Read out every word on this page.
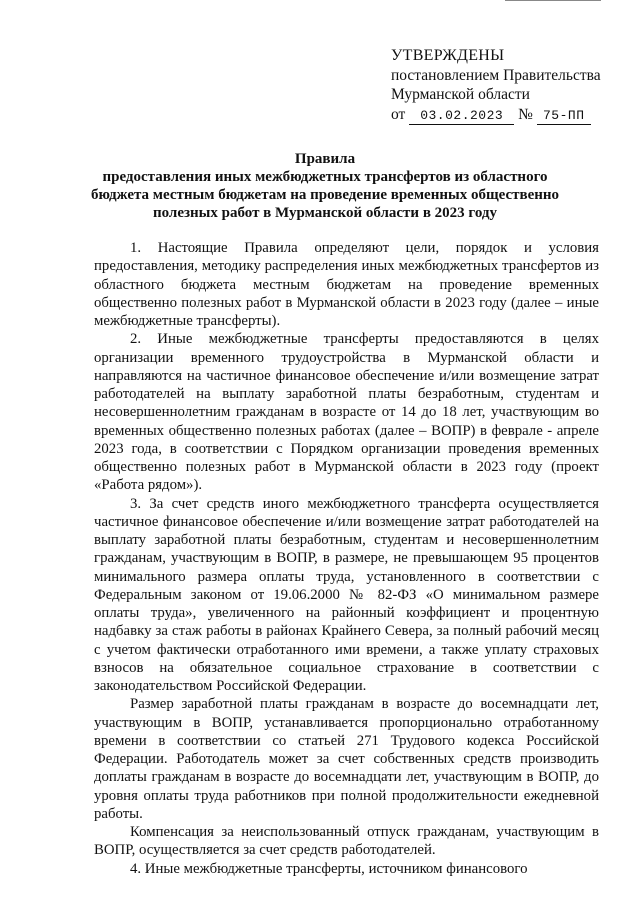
УТВЕРЖДЕНЫ
постановлением Правительства
Мурманской области
от 03.02.2023 № 75-ПП
Правила
предоставления иных межбюджетных трансфертов из областного бюджета местным бюджетам на проведение временных общественно полезных работ в Мурманской области в 2023 году

1. Настоящие Правила определяют цели, порядок и условия предоставления, методику распределения иных межбюджетных трансфертов из областного бюджета местным бюджетам на проведение временных общественно полезных работ в Мурманской области в 2023 году (далее – иные межбюджетные трансферты).

2. Иные межбюджетные трансферты предоставляются в целях организации временного трудоустройства в Мурманской области и направляются на частичное финансовое обеспечение и/или возмещение затрат работодателей на выплату заработной платы безработным, студентам и несовершеннолетним гражданам в возрасте от 14 до 18 лет, участвующим во временных общественно полезных работах (далее – ВОПР) в феврале - апреле 2023 года, в соответствии с Порядком организации проведения временных общественно полезных работ в Мурманской области в 2023 году (проект «Работа рядом»).

3. За счет средств иного межбюджетного трансферта осуществляется частичное финансовое обеспечение и/или возмещение затрат работодателей на выплату заработной платы безработным, студентам и несовершеннолетним гражданам, участвующим в ВОПР, в размере, не превышающем 95 процентов минимального размера оплаты труда, установленного в соответствии с Федеральным законом от 19.06.2000 № 82-ФЗ «О минимальном размере оплаты труда», увеличенного на районный коэффициент и процентную надбавку за стаж работы в районах Крайнего Севера, за полный рабочий месяц с учетом фактически отработанного ими времени, а также уплату страховых взносов на обязательное социальное страхование в соответствии с законодательством Российской Федерации.

Размер заработной платы гражданам в возрасте до восемнадцати лет, участвующим в ВОПР, устанавливается пропорционально отработанному времени в соответствии со статьей 271 Трудового кодекса Российской Федерации. Работодатель может за счет собственных средств производить доплаты гражданам в возрасте до восемнадцати лет, участвующим в ВОПР, до уровня оплаты труда работников при полной продолжительности ежедневной работы.

Компенсация за неиспользованный отпуск гражданам, участвующим в ВОПР, осуществляется за счет средств работодателей.

4. Иные межбюджетные трансферты, источником финансового
